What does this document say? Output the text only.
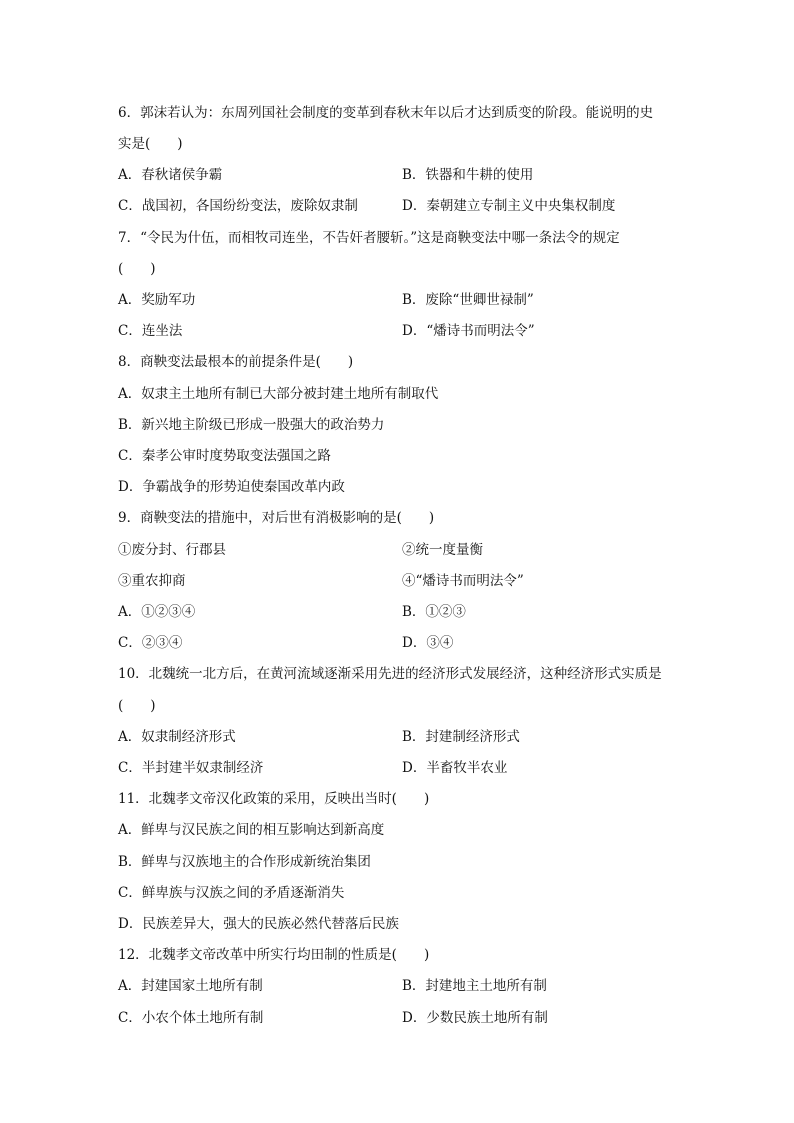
6．郭沫若认为：东周列国社会制度的变革到春秋末年以后才达到质变的阶段。能说明的史
实是(　　)
A．春秋诸侯争霸	B．铁器和牛耕的使用
C．战国初，各国纷纷变法，废除奴隶制	D．秦朝建立专制主义中央集权制度
7．“令民为什伍，而相牧司连坐，不告奸者腰斩。”这是商鞅变法中哪一条法令的规定
(　　)
A．奖励军功	B．废除“世卿世禄制”
C．连坐法	D．“燔诗书而明法令”
8．商鞅变法最根本的前提条件是(　　)
A．奴隶主土地所有制已大部分被封建土地所有制取代
B．新兴地主阶级已形成一股强大的政治势力
C．秦孝公审时度势取变法强国之路
D．争霸战争的形势迫使秦国改革内政
9．商鞅变法的措施中，对后世有消极影响的是(　　)
①废分封、行郡县	②统一度量衡
③重农抑商	④“燔诗书而明法令”
A．①②③④	B．①②③
C．②③④	D．③④
10．北魏统一北方后，在黄河流域逐渐采用先进的经济形式发展经济，这种经济形式实质是
(　　)
A．奴隶制经济形式	B．封建制经济形式
C．半封建半奴隶制经济	D．半畜牧半农业
11．北魏孝文帝汉化政策的采用，反映出当时(　　)
A．鲜卑与汉民族之间的相互影响达到新高度
B．鲜卑与汉族地主的合作形成新统治集团
C．鲜卑族与汉族之间的矛盾逐渐消失
D．民族差异大，强大的民族必然代替落后民族
12．北魏孝文帝改革中所实行均田制的性质是(　　)
A．封建国家土地所有制	B．封建地主土地所有制
C．小农个体土地所有制	D．少数民族土地所有制
